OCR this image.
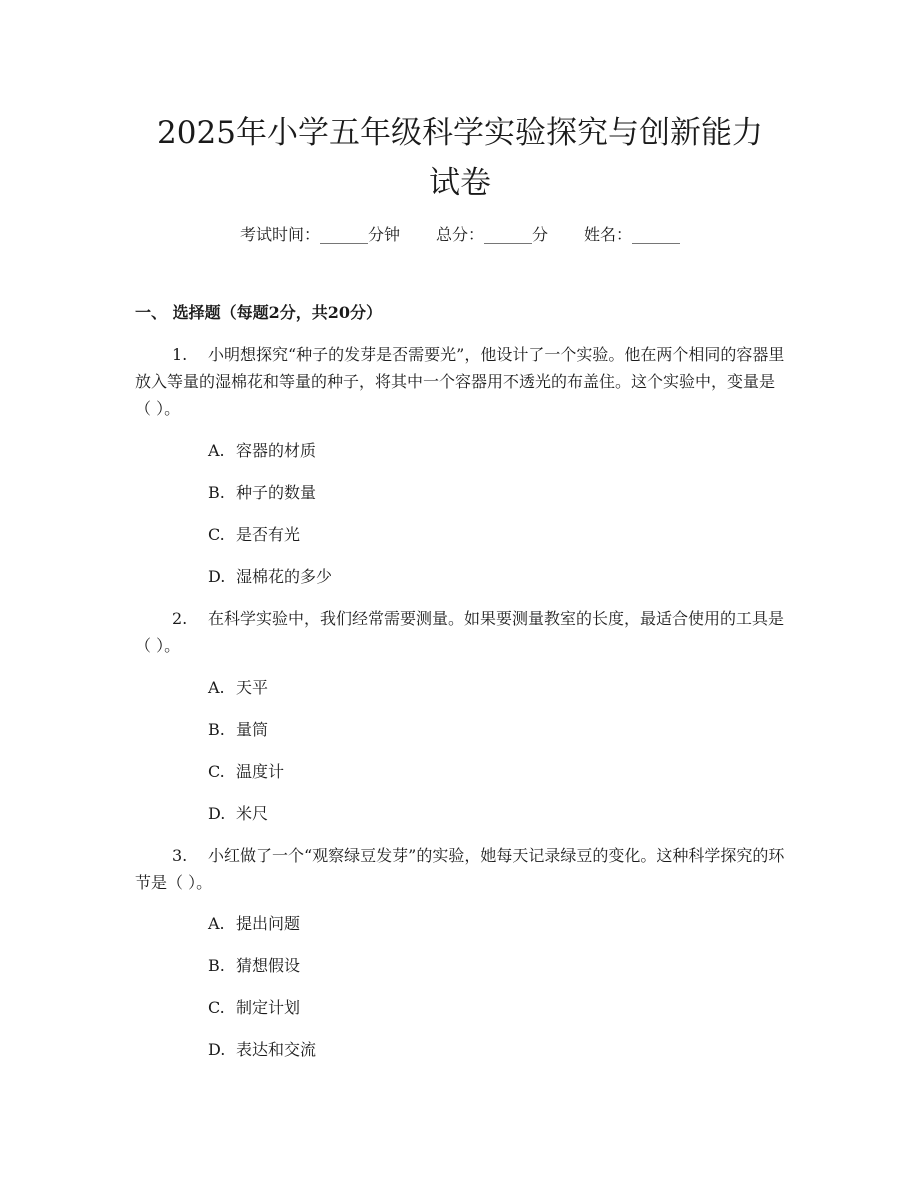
2025年小学五年级科学实验探究与创新能力
试卷
考试时间：______分钟 总分：______分 姓名：______
一、 选择题（每题2分，共20分）
1. 小明想探究“种子的发芽是否需要光”，他设计了一个实验。他在两个相同的容器里放入等量的湿棉花和等量的种子，将其中一个容器用不透光的布盖住。这个实验中，变量是（ ）。
A. 容器的材质
B. 种子的数量
C. 是否有光
D. 湿棉花的多少
2. 在科学实验中，我们经常需要测量。如果要测量教室的长度，最适合使用的工具是（ ）。
A. 天平
B. 量筒
C. 温度计
D. 米尺
3. 小红做了一个“观察绿豆发芽”的实验，她每天记录绿豆的变化。这种科学探究的环节是（ ）。
A. 提出问题
B. 猜想假设
C. 制定计划
D. 表达和交流
